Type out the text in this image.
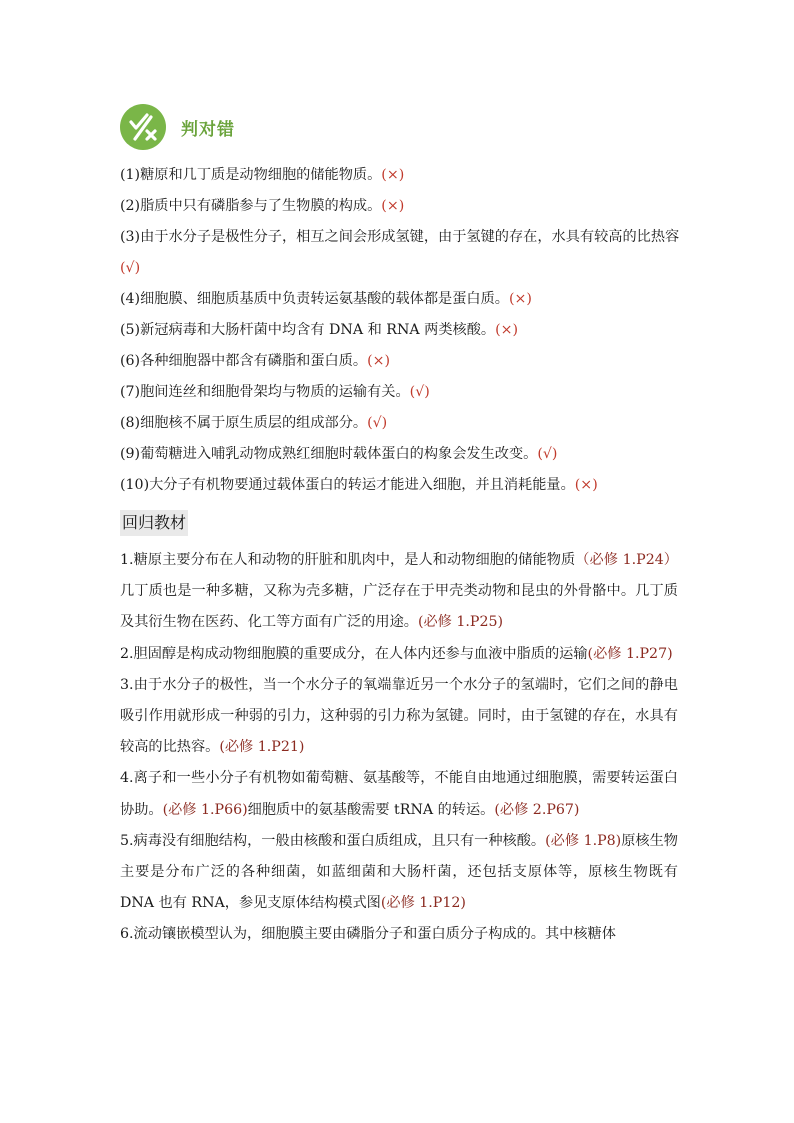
判对错
(1)糖原和几丁质是动物细胞的储能物质。(×)
(2)脂质中只有磷脂参与了生物膜的构成。(×)
(3)由于水分子是极性分子，相互之间会形成氢键，由于氢键的存在，水具有较高的比热容(√)
(4)细胞膜、细胞质基质中负责转运氨基酸的载体都是蛋白质。(×)
(5)新冠病毒和大肠杆菌中均含有 DNA 和 RNA 两类核酸。(×)
(6)各种细胞器中都含有磷脂和蛋白质。(×)
(7)胞间连丝和细胞骨架均与物质的运输有关。(√)
(8)细胞核不属于原生质层的组成部分。(√)
(9)葡萄糖进入哺乳动物成熟红细胞时载体蛋白的构象会发生改变。(√)
(10)大分子有机物要通过载体蛋白的转运才能进入细胞，并且消耗能量。(×)
回归教材

1.糖原主要分布在人和动物的肝脏和肌肉中，是人和动物细胞的储能物质（必修 1.P24）几丁质也是一种多糖，又称为壳多糖，广泛存在于甲壳类动物和昆虫的外骨骼中。几丁质及其衍生物在医药、化工等方面有广泛的用途。(必修 1.P25)

2.胆固醇是构成动物细胞膜的重要成分，在人体内还参与血液中脂质的运输(必修 1.P27)

3.由于水分子的极性，当一个水分子的氧端靠近另一个水分子的氢端时，它们之间的静电吸引作用就形成一种弱的引力，这种弱的引力称为氢键。同时，由于氢键的存在，水具有较高的比热容。(必修 1.P21)

4.离子和一些小分子有机物如葡萄糖、氨基酸等，不能自由地通过细胞膜，需要转运蛋白协助。(必修 1.P66)细胞质中的氨基酸需要 tRNA 的转运。(必修 2.P67)

5.病毒没有细胞结构，一般由核酸和蛋白质组成，且只有一种核酸。(必修 1.P8)原核生物主要是分布广泛的各种细菌，如蓝细菌和大肠杆菌，还包括支原体等，原核生物既有 DNA 也有 RNA，参见支原体结构模式图(必修 1.P12)

6.流动镶嵌模型认为，细胞膜主要由磷脂分子和蛋白质分子构成的。其中核糖体
